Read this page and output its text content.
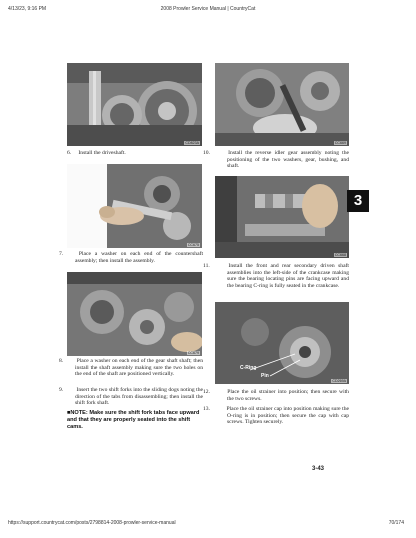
4/13/23, 9:16 PM	2008 Prowler Service Manual | CountryCat
CD823A	CC669
6. Install the driveshaft.	10.	Install the reverse idler gear assembly noting the positioning of the two washers, gear, bushing, and shaft.
CC675
CC668
3
7.	Place a washer on each end of the countershaft assembly; then install the assembly.
11.	Install the front and rear secondary driven shaft assemblies into the left-side of the crankcase making sure the bearing locating pins are facing upward and the bearing C-ring is fully seated in the crankcase.
CC679
C-Ring
Pin
CD269A
8. Place a washer on each end of the gear shaft shaft; then install the shaft assembly making sure the two holes on the end of the shaft are positioned vertically.
12.	Place the oil strainer into position; then secure with the two screws.
9. Insert the two shift forks into the sliding dogs noting the direction of the tabs from disassembling; then install the shift fork shaft.
13.	Place the oil strainer cap into position making sure the O-ring is in position; then secure the cap with cap screws. Tighten securely.
■NOTE: Make sure the shift fork tabs face upward and that they are properly seated into the shift cams.
3-43
https://support.countrycat.com/posts/2798814-2008-prowler-service-manual	70/174
